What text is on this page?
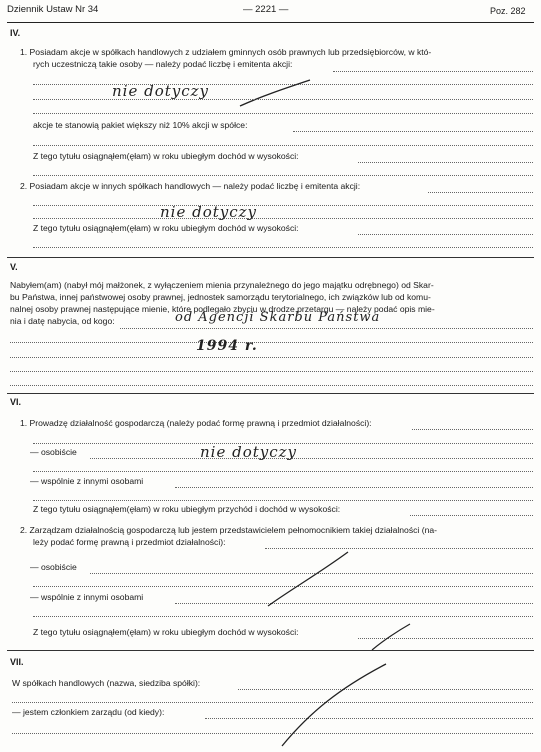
Dziennik Ustaw Nr 34	— 2221 —	Poz. 282
IV.
1. Posiadam akcje w spółkach handlowych z udziałem gminnych osób prawnych lub przedsiębiorców, w któ-
rych uczestniczą takie osoby — należy podać liczbę i emitenta akcji:
nie dotyczy
akcje te stanowią pakiet większy niż 10% akcji w spółce:
Z tego tytułu osiągnąłem(ęłam) w roku ubiegłym dochód w wysokości:
2. Posiadam akcje w innych spółkach handlowych — należy podać liczbę i emitenta akcji:
nie dotyczy
Z tego tytułu osiągnąłem(ęłam) w roku ubiegłym dochód w wysokości:
V.
Nabyłem(am) (nabył mój małżonek, z wyłączeniem mienia przynależnego do jego majątku odrębnego) od Skar-
bu Państwa, innej państwowej osoby prawnej, jednostek samorządu terytorialnego, ich związków lub od komu-
nalnej osoby prawnej następujące mienie, które podlegało zbyciu w drodze przetargu — należy podać opis mie-
nia i datę nabycia, od kogo:	od Agencji Skarbu Państwa
1994 r.
VI.
1. Prowadzę działalność gospodarczą (należy podać formę prawną i przedmiot działalności):
— osobiście	nie dotyczy
— wspólnie z innymi osobami
Z tego tytułu osiągnąłem(ęłam) w roku ubiegłym przychód i dochód w wysokości:
2. Zarządzam działalnością gospodarczą lub jestem przedstawicielem pełnomocnikiem takiej działalności (na-
leży podać formę prawną i przedmiot działalności):
— osobiście
— wspólnie z innymi osobami
Z tego tytułu osiągnąłem(ęłam) w roku ubiegłym dochód w wysokości:
VII.
W spółkach handlowych (nazwa, siedziba spółki):
— jestem członkiem zarządu (od kiedy):
